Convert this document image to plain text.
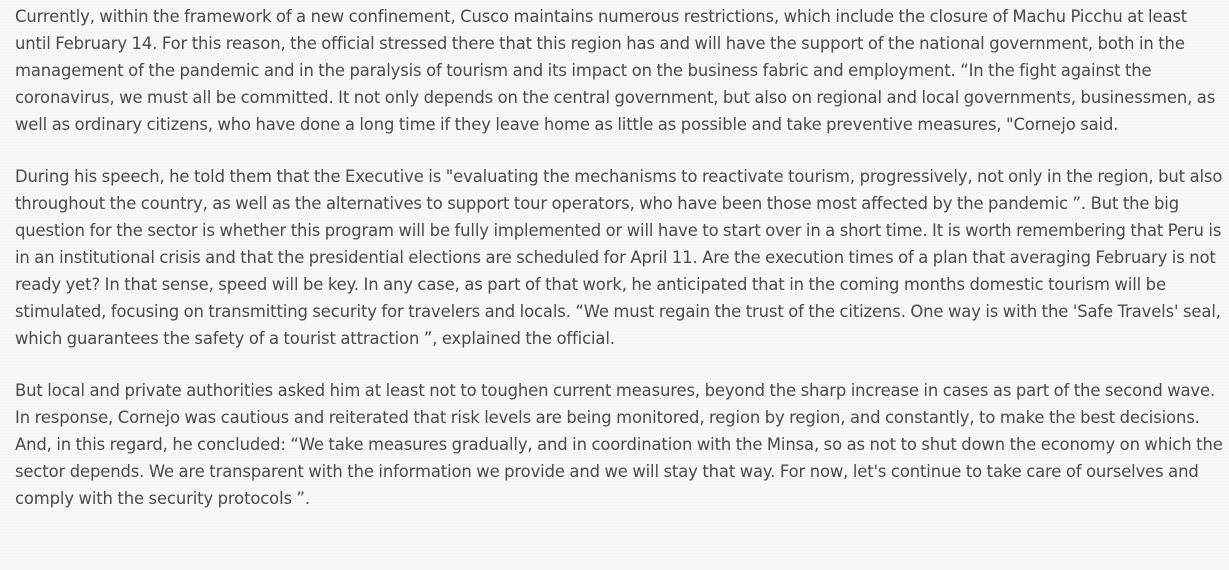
Currently, within the framework of a new confinement, Cusco maintains numerous restrictions, which include the closure of Machu Picchu at least until February 14. For this reason, the official stressed there that this region has and will have the support of the national government, both in the management of the pandemic and in the paralysis of tourism and its impact on the business fabric and employment. “In the fight against the coronavirus, we must all be committed. It not only depends on the central government, but also on regional and local governments, businessmen, as well as ordinary citizens, who have done a long time if they leave home as little as possible and take preventive measures, "Cornejo said.

During his speech, he told them that the Executive is "evaluating the mechanisms to reactivate tourism, progressively, not only in the region, but also throughout the country, as well as the alternatives to support tour operators, who have been those most affected by the pandemic ”. But the big question for the sector is whether this program will be fully implemented or will have to start over in a short time. It is worth remembering that Peru is in an institutional crisis and that the presidential elections are scheduled for April 11. Are the execution times of a plan that averaging February is not ready yet? In that sense, speed will be key. In any case, as part of that work, he anticipated that in the coming months domestic tourism will be stimulated, focusing on transmitting security for travelers and locals. “We must regain the trust of the citizens. One way is with the 'Safe Travels' seal, which guarantees the safety of a tourist attraction ”, explained the official.

But local and private authorities asked him at least not to toughen current measures, beyond the sharp increase in cases as part of the second wave. In response, Cornejo was cautious and reiterated that risk levels are being monitored, region by region, and constantly, to make the best decisions. And, in this regard, he concluded: “We take measures gradually, and in coordination with the Minsa, so as not to shut down the economy on which the sector depends. We are transparent with the information we provide and we will stay that way. For now, let's continue to take care of ourselves and comply with the security protocols ”.
